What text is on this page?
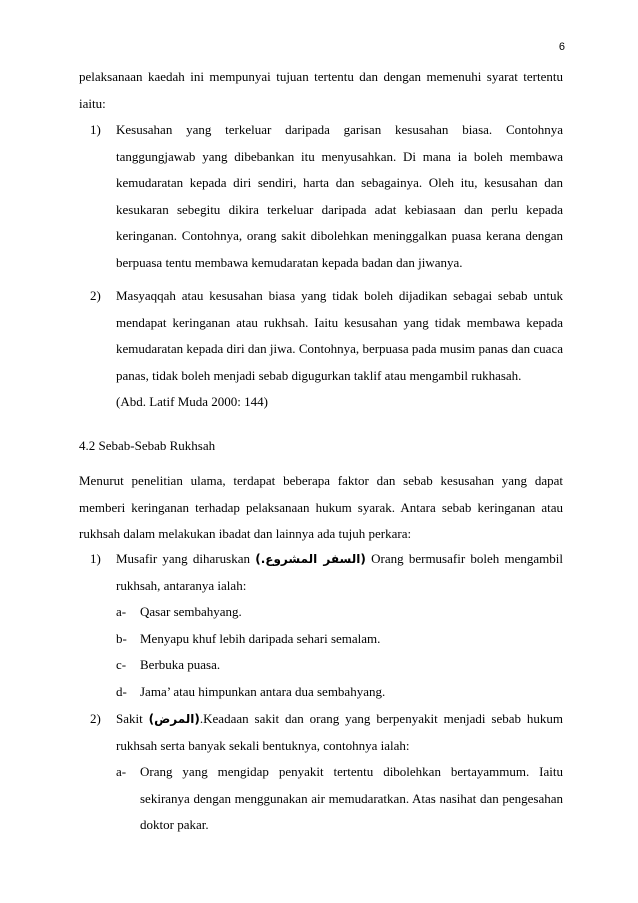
6

pelaksanaan kaedah ini mempunyai tujuan tertentu dan dengan memenuhi syarat tertentu iaitu:

1)	Kesusahan yang terkeluar daripada garisan kesusahan biasa. Contohnya tanggungjawab yang dibebankan itu menyusahkan. Di mana ia boleh membawa kemudaratan kepada diri sendiri, harta dan sebagainya. Oleh itu, kesusahan dan kesukaran sebegitu dikira terkeluar daripada adat kebiasaan dan perlu kepada keringanan. Contohnya, orang sakit dibolehkan meninggalkan puasa kerana dengan berpuasa tentu membawa kemudaratan kepada badan dan jiwanya.
2)	Masyaqqah atau kesusahan biasa yang tidak boleh dijadikan sebagai sebab untuk mendapat keringanan atau rukhsah. Iaitu kesusahan yang tidak membawa kepada kemudaratan kepada diri dan jiwa. Contohnya, berpuasa pada musim panas dan cuaca panas, tidak boleh menjadi sebab digugurkan taklif atau mengambil rukhasah.
(Abd. Latif Muda 2000: 144)
4.2 Sebab-Sebab Rukhsah

Menurut penelitian ulama, terdapat beberapa faktor dan sebab kesusahan yang dapat memberi keringanan terhadap pelaksanaan hukum syarak. Antara sebab keringanan atau rukhsah dalam melakukan ibadat dan lainnya ada tujuh perkara:

1)	Musafir yang diharuskan (السفر المشروع.) Orang bermusafir boleh mengambil rukhsah, antaranya ialah:
a- Qasar sembahyang.
b- Menyapu khuf lebih daripada sehari semalam.
c- Berbuka puasa.
d- Jama’ atau himpunkan antara dua sembahyang.
2)	Sakit (المرض).Keadaan sakit dan orang yang berpenyakit menjadi sebab hukum rukhsah serta banyak sekali bentuknya, contohnya ialah:
a- Orang yang mengidap penyakit tertentu dibolehkan bertayammum. Iaitu sekiranya dengan menggunakan air memudaratkan. Atas nasihat dan pengesahan doktor pakar.
